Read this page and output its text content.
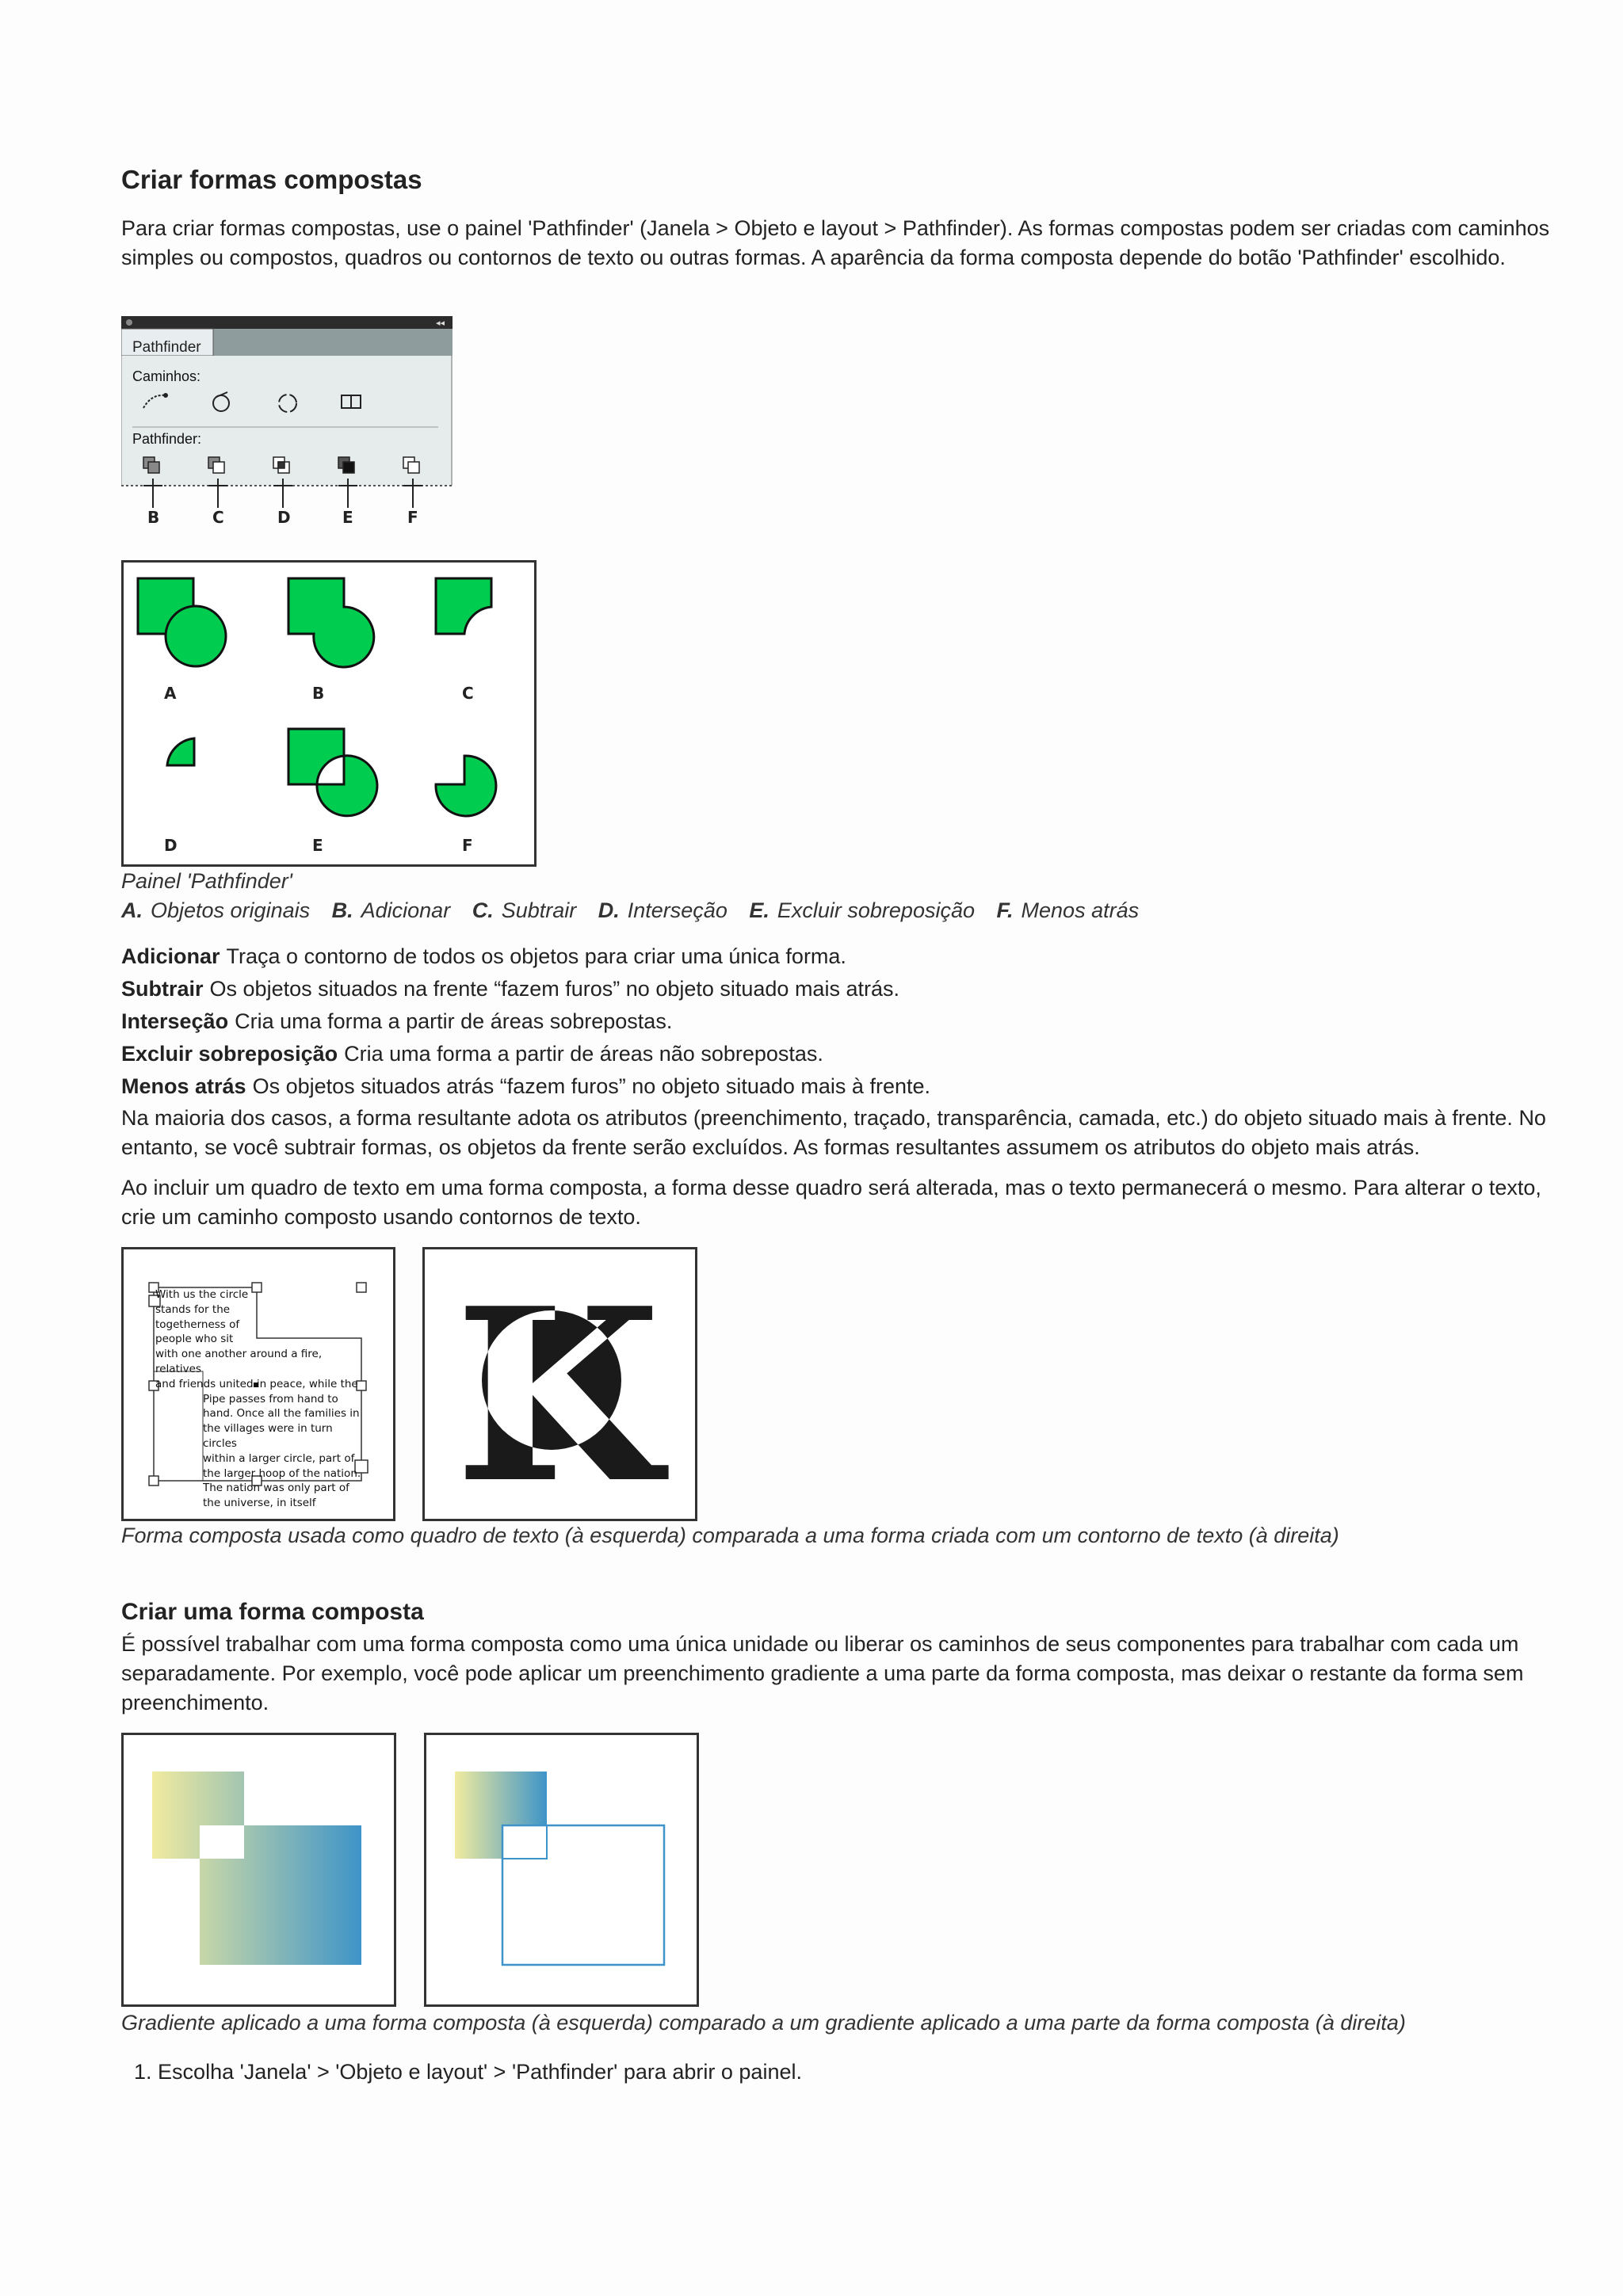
Criar formas compostas

Para criar formas compostas, use o painel 'Pathfinder' (Janela > Objeto e layout > Pathfinder). As formas compostas podem ser criadas com caminhos simples ou compostos, quadros ou contornos de texto ou outras formas. A aparência da forma composta depende do botão 'Pathfinder' escolhido.

◂◂
Pathfinder
Caminhos:
Pathfinder:
B	C	D	E	F
A	B	C
D	E	F
Painel 'Pathfinder'
A. Objetos originais B. Adicionar C. Subtrair D. Interseção E. Excluir sobreposição F. Menos atrás
Adicionar Traça o contorno de todos os objetos para criar uma única forma.
Subtrair Os objetos situados na frente “fazem furos” no objeto situado mais atrás.
Interseção Cria uma forma a partir de áreas sobrepostas.
Excluir sobreposição Cria uma forma a partir de áreas não sobrepostas.
Menos atrás Os objetos situados atrás “fazem furos” no objeto situado mais à frente.

Na maioria dos casos, a forma resultante adota os atributos (preenchimento, traçado, transparência, camada, etc.) do objeto situado mais à frente. No entanto, se você subtrair formas, os objetos da frente serão excluídos. As formas resultantes assumem os atributos do objeto mais atrás.

Ao incluir um quadro de texto em uma forma composta, a forma desse quadro será alterada, mas o texto permanecerá o mesmo. Para alterar o texto, crie um caminho composto usando contornos de texto.

With us the circle
stands for the
togetherness of
people who sit
with one another around a fire, relatives
and friends united in peace, while the
Pipe passes from hand to
hand. Once all the families in
the villages were in turn circles
within a larger circle, part of
the larger hoop of the nation.
The nation was only part of
the universe, in itself
Forma composta usada como quadro de texto (à esquerda) comparada a uma forma criada com um contorno de texto (à direita)
Criar uma forma composta

É possível trabalhar com uma forma composta como uma única unidade ou liberar os caminhos de seus componentes para trabalhar com cada um separadamente. Por exemplo, você pode aplicar um preenchimento gradiente a uma parte da forma composta, mas deixar o restante da forma sem preenchimento.

Gradiente aplicado a uma forma composta (à esquerda) comparado a um gradiente aplicado a uma parte da forma composta (à direita)
1. Escolha 'Janela' > 'Objeto e layout' > 'Pathfinder' para abrir o painel.
